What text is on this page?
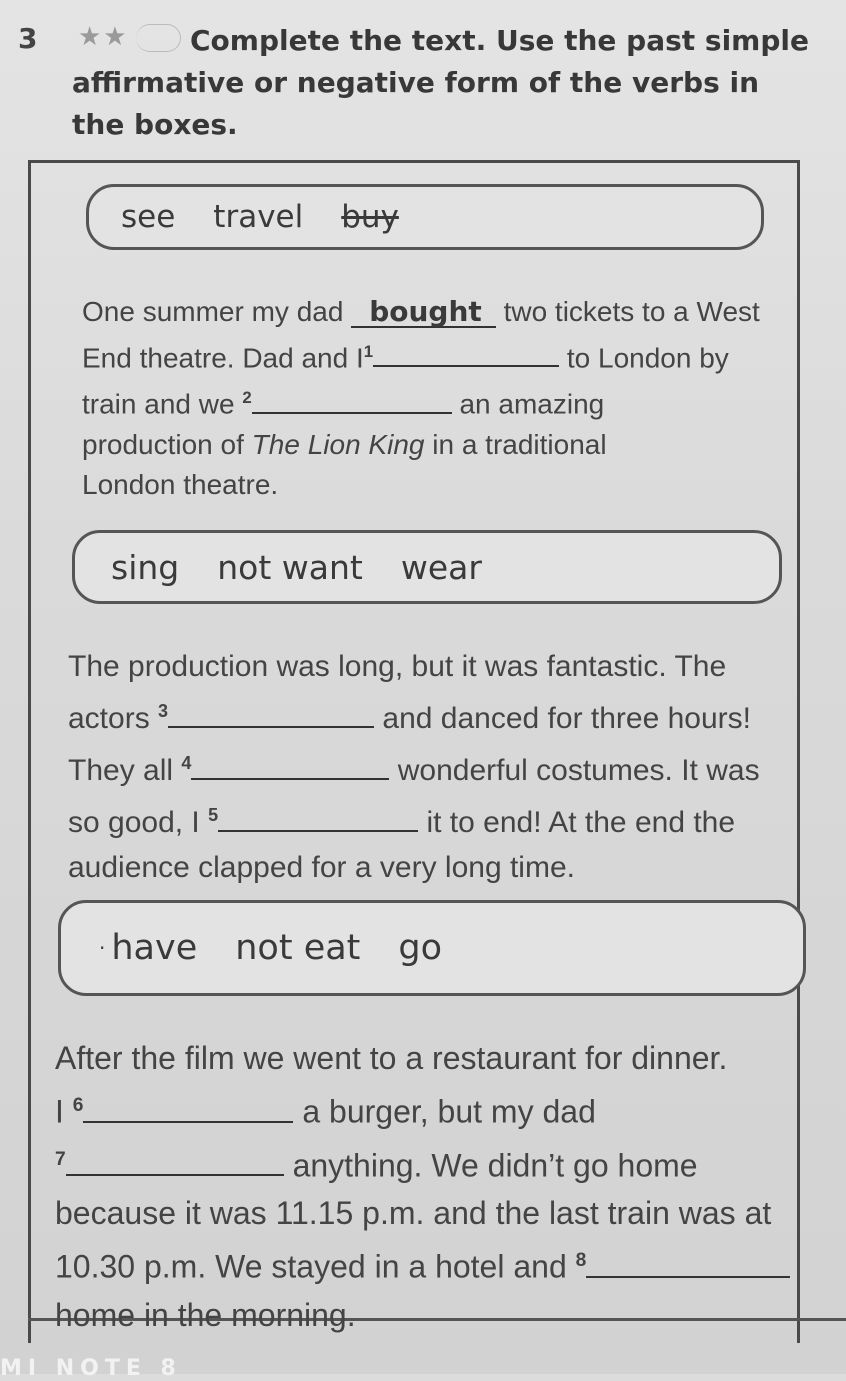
3 ★★	Complete the text. Use the past simple affirmative or negative form of the verbs in the boxes.
see travel buy
One summer my dad bought two tickets to a West
End theatre. Dad and $I^1$	to London by
train and we $^2$	an amazing
production of The Lion King in a traditional
London theatre.
sing not want wear
The production was long, but it was fantastic. The
actors $^3$	and danced for three hours!
They all $^4$	wonderful costumes. It was
so good, I $^5$	it to end! At the end the
audience clapped for a very long time.
· have not eat go
After the film we went to a restaurant for dinner.
I $^6$	a burger, but my dad
$^7$	anything. We didn’t go home
because it was 11.15 p.m. and the last train was at
10.30 p.m. We stayed in a hotel and $^8$
home in the morning.
MI NOTE 8
